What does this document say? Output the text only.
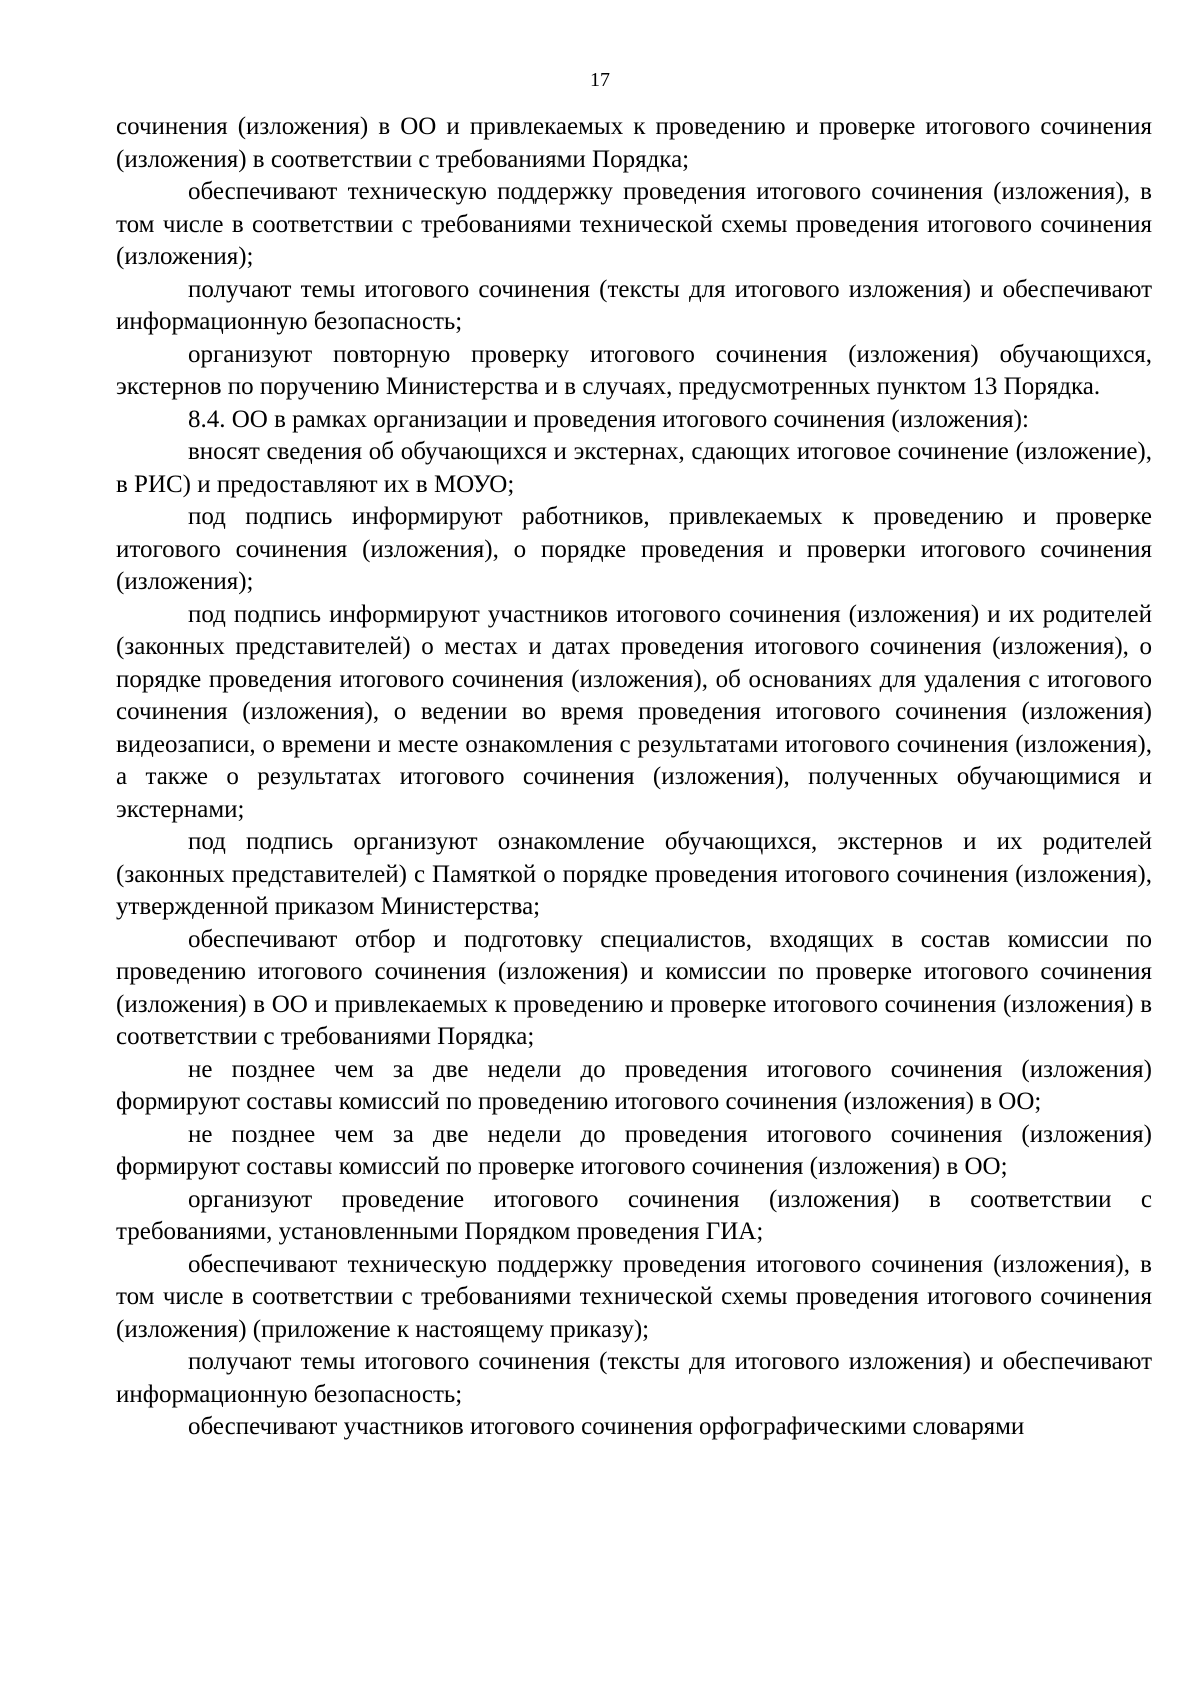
17

сочинения (изложения) в ОО и привлекаемых к проведению и проверке итогового сочинения (изложения) в соответствии с требованиями Порядка;

обеспечивают техническую поддержку проведения итогового сочинения (изложения), в том числе в соответствии с требованиями технической схемы проведения итогового сочинения (изложения);

получают темы итогового сочинения (тексты для итогового изложения) и обеспечивают информационную безопасность;

организуют повторную проверку итогового сочинения (изложения) обучающихся, экстернов по поручению Министерства и в случаях, предусмотренных пунктом 13 Порядка.

8.4. ОО в рамках организации и проведения итогового сочинения (изложения):

вносят сведения об обучающихся и экстернах, сдающих итоговое сочинение (изложение), в РИС) и предоставляют их в МОУО;

под подпись информируют работников, привлекаемых к проведению и проверке итогового сочинения (изложения), о порядке проведения и проверки итогового сочинения (изложения);

под подпись информируют участников итогового сочинения (изложения) и их родителей (законных представителей) о местах и датах проведения итогового сочинения (изложения), о порядке проведения итогового сочинения (изложения), об основаниях для удаления с итогового сочинения (изложения), о ведении во время проведения итогового сочинения (изложения) видеозаписи, о времени и месте ознакомления с результатами итогового сочинения (изложения), а также о результатах итогового сочинения (изложения), полученных обучающимися и экстернами;

под подпись организуют ознакомление обучающихся, экстернов и их родителей (законных представителей) с Памяткой о порядке проведения итогового сочинения (изложения), утвержденной приказом Министерства;

обеспечивают отбор и подготовку специалистов, входящих в состав комиссии по проведению итогового сочинения (изложения) и комиссии по проверке итогового сочинения (изложения) в ОО и привлекаемых к проведению и проверке итогового сочинения (изложения) в соответствии с требованиями Порядка;

не позднее чем за две недели до проведения итогового сочинения (изложения) формируют составы комиссий по проведению итогового сочинения (изложения) в ОО;

не позднее чем за две недели до проведения итогового сочинения (изложения) формируют составы комиссий по проверке итогового сочинения (изложения) в ОО;

организуют проведение итогового сочинения (изложения) в соответствии с требованиями, установленными Порядком проведения ГИА;

обеспечивают техническую поддержку проведения итогового сочинения (изложения), в том числе в соответствии с требованиями технической схемы проведения итогового сочинения (изложения) (приложение к настоящему приказу);

получают темы итогового сочинения (тексты для итогового изложения) и обеспечивают информационную безопасность;

обеспечивают участников итогового сочинения орфографическими словарями
